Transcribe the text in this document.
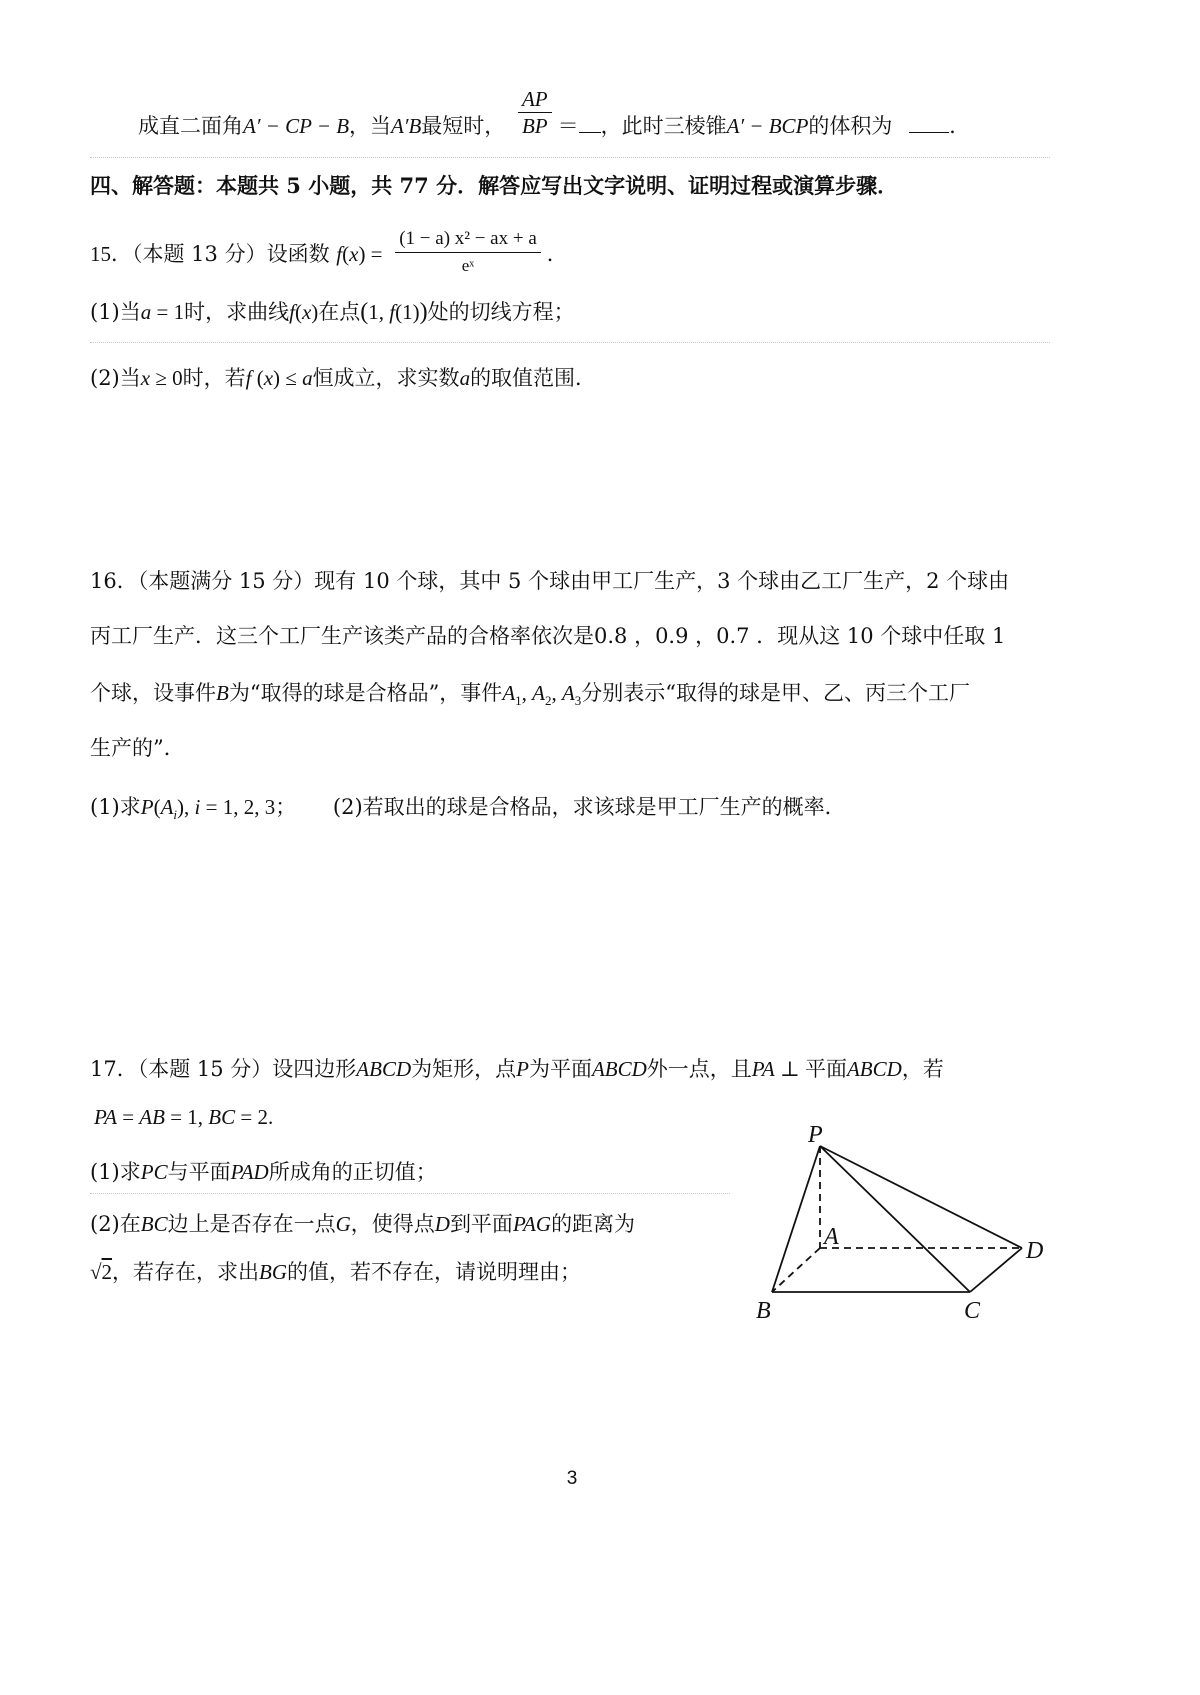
成直二面角A′ − CP − B，当A′B最短时， $\frac{AP}{BP}$ ＝ ，此时三棱锥A′ − BCP的体积为	.
四、解答题：本题共 5 小题，共 77 分．解答应写出文字说明、证明过程或演算步骤．
15．（本题 13 分）设函数 $f(x) = \frac{\text{(1 − a) x² − ax + a}}{\text{eˣ}}$ ．
(1)当a = 1时，求曲线f(x)在点(1, f(1))处的切线方程；
(2)当x ≥ 0时，若f (x) ≤ a恒成立，求实数a的取值范围．
16．（本题满分 15 分）现有 10 个球，其中 5 个球由甲工厂生产，3 个球由乙工厂生产，2 个球由
丙工厂生产．这三个工厂生产该类产品的合格率依次是0.8 ，0.9 ，0.7 ．现从这 10 个球中任取 1
个球，设事件B为“取得的球是合格品”，事件$A_1$, $A_2$, $A_3$分别表示“取得的球是甲、乙、丙三个工厂
生产的”．
(1)求$P(A_i)$, i = 1, 2, 3； (2)若取出的球是合格品，求该球是甲工厂生产的概率．
17．（本题 15 分）设四边形ABCD为矩形，点P为平面ABCD外一点，且PA ⊥ 平面ABCD，若
PA = AB = 1, BC = 2.
(1)求PC与平面PAD所成角的正切值；
(2)在BC边上是否存在一点G，使得点D到平面PAG的距离为
√2，若存在，求出BG的值，若不存在，请说明理由；
P
A
D
B	C
3
